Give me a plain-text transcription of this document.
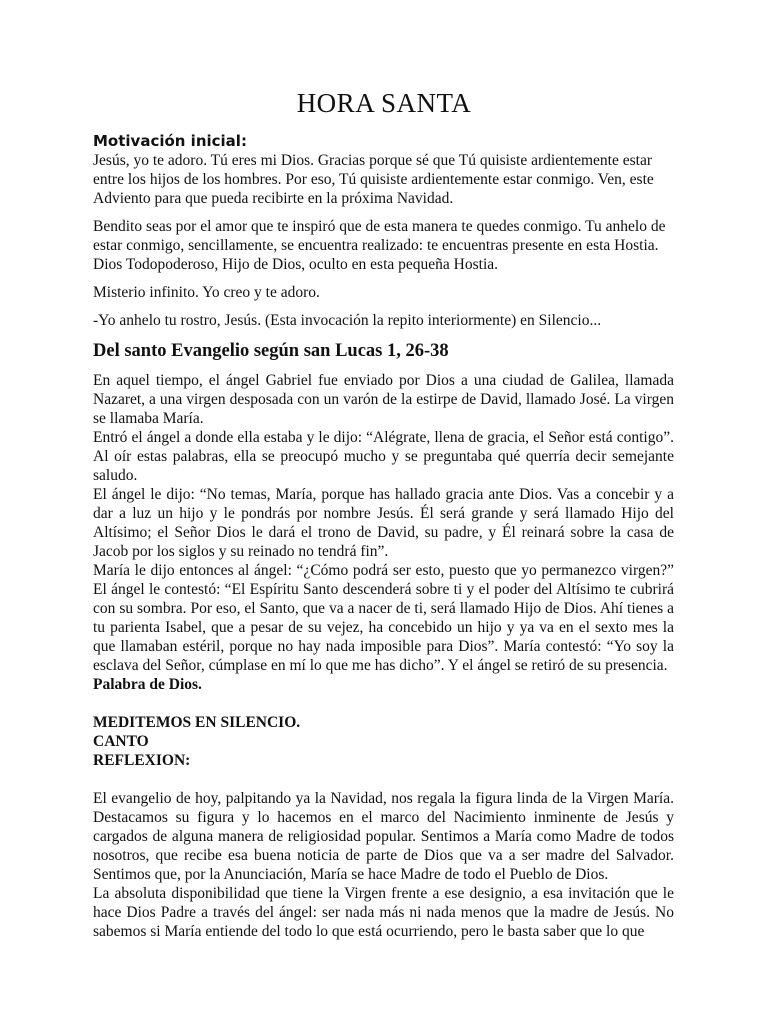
HORA SANTA

Motivación inicial:

Jesús, yo te adoro. Tú eres mi Dios. Gracias porque sé que Tú quisiste ardientemente estar entre los hijos de los hombres. Por eso, Tú quisiste ardientemente estar conmigo. Ven, este Adviento para que pueda recibirte en la próxima Navidad.

Bendito seas por el amor que te inspiró que de esta manera te quedes conmigo. Tu anhelo de estar conmigo, sencillamente, se encuentra realizado: te encuentras presente en esta Hostia. Dios Todopoderoso, Hijo de Dios, oculto en esta pequeña Hostia.

Misterio infinito. Yo creo y te adoro.

-Yo anhelo tu rostro, Jesús. (Esta invocación la repito interiormente) en Silencio...

Del santo Evangelio según san Lucas 1, 26-38

En aquel tiempo, el ángel Gabriel fue enviado por Dios a una ciudad de Galilea, llamada Nazaret, a una virgen desposada con un varón de la estirpe de David, llamado José. La virgen se llamaba María.

Entró el ángel a donde ella estaba y le dijo: “Alégrate, llena de gracia, el Señor está contigo”. Al oír estas palabras, ella se preocupó mucho y se preguntaba qué querría decir semejante saludo.

El ángel le dijo: “No temas, María, porque has hallado gracia ante Dios. Vas a concebir y a dar a luz un hijo y le pondrás por nombre Jesús. Él será grande y será llamado Hijo del Altísimo; el Señor Dios le dará el trono de David, su padre, y Él reinará sobre la casa de Jacob por los siglos y su reinado no tendrá fin”.

María le dijo entonces al ángel: “¿Cómo podrá ser esto, puesto que yo permanezco virgen?” El ángel le contestó: “El Espíritu Santo descenderá sobre ti y el poder del Altísimo te cubrirá con su sombra. Por eso, el Santo, que va a nacer de ti, será llamado Hijo de Dios. Ahí tienes a tu parienta Isabel, que a pesar de su vejez, ha concebido un hijo y ya va en el sexto mes la que llamaban estéril, porque no hay nada imposible para Dios”. María contestó: “Yo soy la esclava del Señor, cúmplase en mí lo que me has dicho”. Y el ángel se retiró de su presencia.

Palabra de Dios.

MEDITEMOS EN SILENCIO.

CANTO

REFLEXION:

El evangelio de hoy, palpitando ya la Navidad, nos regala la figura linda de la Virgen María. Destacamos su figura y lo hacemos en el marco del Nacimiento inminente de Jesús y cargados de alguna manera de religiosidad popular. Sentimos a María como Madre de todos nosotros, que recibe esa buena noticia de parte de Dios que va a ser madre del Salvador. Sentimos que, por la Anunciación, María se hace Madre de todo el Pueblo de Dios.

La absoluta disponibilidad que tiene la Virgen frente a ese designio, a esa invitación que le hace Dios Padre a través del ángel: ser nada más ni nada menos que la madre de Jesús. No sabemos si María entiende del todo lo que está ocurriendo, pero le basta saber que lo que
